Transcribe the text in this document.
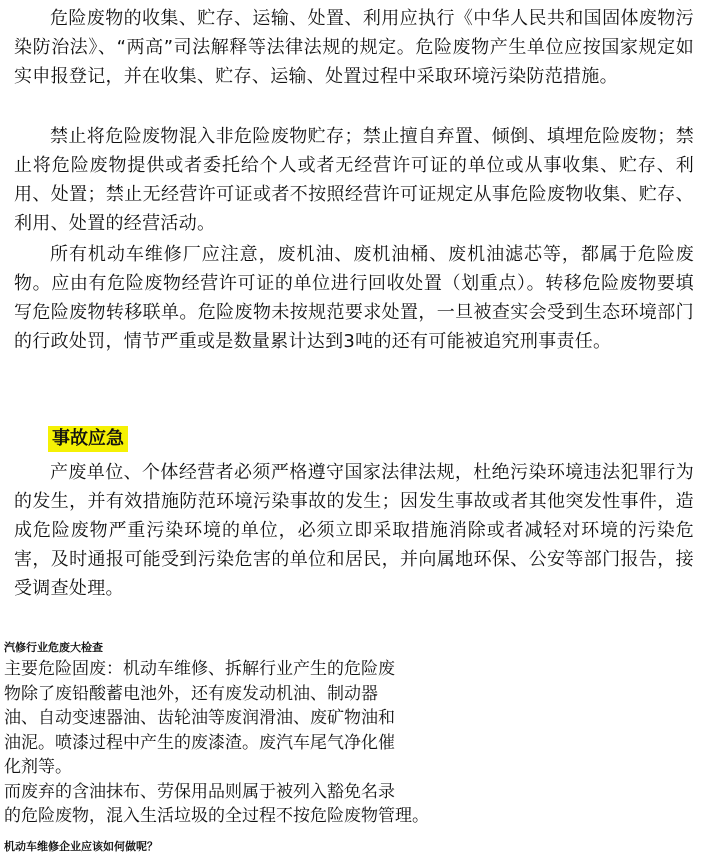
危险废物的收集、贮存、运输、处置、利用应执行《中华人民共和国固体废物污染防治法》、“两高”司法解释等法律法规的规定。危险废物产生单位应按国家规定如实申报登记，并在收集、贮存、运输、处置过程中采取环境污染防范措施。

禁止将危险废物混入非危险废物贮存；禁止擅自弃置、倾倒、填埋危险废物；禁止将危险废物提供或者委托给个人或者无经营许可证的单位或从事收集、贮存、利用、处置；禁止无经营许可证或者不按照经营许可证规定从事危险废物收集、贮存、利用、处置的经营活动。

所有机动车维修厂应注意，废机油、废机油桶、废机油滤芯等，都属于危险废物。应由有危险废物经营许可证的单位进行回收处置（划重点）。转移危险废物要填写危险废物转移联单。危险废物未按规范要求处置，一旦被查实会受到生态环境部门的行政处罚，情节严重或是数量累计达到3吨的还有可能被追究刑事责任。

事故应急

产废单位、个体经营者必须严格遵守国家法律法规，杜绝污染环境违法犯罪行为的发生，并有效措施防范环境污染事故的发生；因发生事故或者其他突发性事件，造成危险废物严重污染环境的单位，必须立即采取措施消除或者减轻对环境的污染危害，及时通报可能受到污染危害的单位和居民，并向属地环保、公安等部门报告，接受调查处理。

汽修行业危废大检查
主要危险固废：机动车维修、拆解行业产生的危险废
物除了废铅酸蓄电池外，还有废发动机油、制动器
油、自动变速器油、齿轮油等废润滑油、废矿物油和
油泥。喷漆过程中产生的废漆渣。废汽车尾气净化催
化剂等。
而废弃的含油抹布、劳保用品则属于被列入豁免名录
的危险废物，混入生活垃圾的全过程不按危险废物管理。
机动车维修企业应该如何做呢？
